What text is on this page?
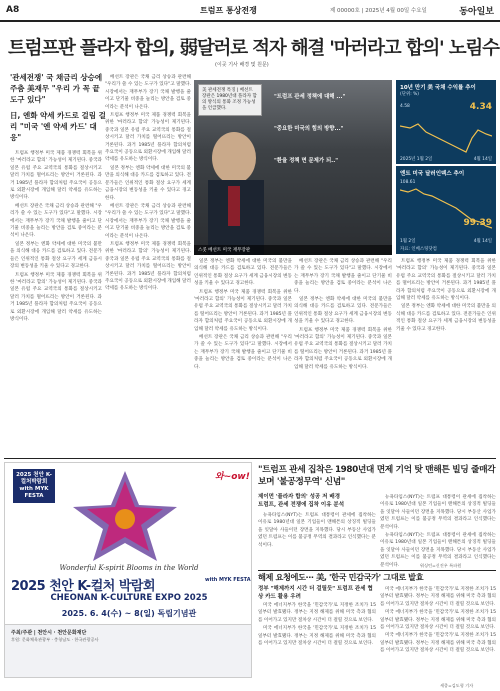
A8	트럼프 통상전쟁	제 00000호 | 2025년 4월 00일 수요일	동아일보
트럼프판 플라자 합의, 弱달러로 적자 해결 '마러라고 합의' 노림수
(이곳 기사 배경 및 원문)
'관세전쟁' 국 채금리 상승에 주춤 美재무 "우리 가 꼭 끝 도구 있다"
日, 엔화 약세 카드로 걸림 걸리 "미국 '엔 약세 카드' 대응"

트럼프 행정부 미국 제품 경쟁력 회복을 위한 '마러라고 합의' 가능성이 제기된다. 중국과 일본 유럽 주요 교역국의 통화를 절상시키고 달러 가치를 떨어뜨리는 방안이 거론된다. 과거 1985년 플라자 합의처럼 주요국이 공동으로 외환시장에 개입해 달러 약세를 유도하는 방식이다.

베선트 장관은 국채 금리 상승과 관련해 "우리가 쓸 수 있는 도구가 있다"고 말했다. 시장에서는 재무부가 장기 국채 발행을 줄이고 단기물 비중을 늘리는 방안을 검토 중이라는 분석이 나온다.

일본 정부는 엔화 약세에 대한 미국의 불만을 의식해 대응 카드를 검토하고 있다. 전문가들은 인위적인 통화 절상 요구가 세계 금융시장의 변동성을 키울 수 있다고 경고한다.

트럼프 행정부 미국 제품 경쟁력 회복을 위한 '마러라고 합의' 가능성이 제기된다. 중국과 일본 유럽 주요 교역국의 통화를 절상시키고 달러 가치를 떨어뜨리는 방안이 거론된다. 과거 1985년 플라자 합의처럼 주요국이 공동으로 외환시장에 개입해 달러 약세를 유도하는 방식이다.

베선트 장관은 국채 금리 상승과 관련해 "우리가 쓸 수 있는 도구가 있다"고 말했다. 시장에서는 재무부가 장기 국채 발행을 줄이고 단기물 비중을 늘리는 방안을 검토 중이라는 분석이 나온다.

트럼프 행정부 미국 제품 경쟁력 회복을 위한 '마러라고 합의' 가능성이 제기된다. 중국과 일본 유럽 주요 교역국의 통화를 절상시키고 달러 가치를 떨어뜨리는 방안이 거론된다. 과거 1985년 플라자 합의처럼 주요국이 공동으로 외환시장에 개입해 달러 약세를 유도하는 방식이다.

일본 정부는 엔화 약세에 대한 미국의 불만을 의식해 대응 카드를 검토하고 있다. 전문가들은 인위적인 통화 절상 요구가 세계 금융시장의 변동성을 키울 수 있다고 경고한다.

베선트 장관은 국채 금리 상승과 관련해 "우리가 쓸 수 있는 도구가 있다"고 말했다. 시장에서는 재무부가 장기 국채 발행을 줄이고 단기물 비중을 늘리는 방안을 검토 중이라는 분석이 나온다.

트럼프 행정부 미국 제품 경쟁력 회복을 위한 '마러라고 합의' 가능성이 제기된다. 중국과 일본 유럽 주요 교역국의 통화를 절상시키고 달러 가치를 떨어뜨리는 방안이 거론된다. 과거 1985년 플라자 합의처럼 주요국이 공동으로 외환시장에 개입해 달러 약세를 유도하는 방식이다.

美 관세전쟁 특징 | 베선트 장관은 1980년대 플라자 합의 방식의 통화 조정 가능성을 언급했다.
"트럼프 관세 정책에 대해 ..."
"중요한 미국의 힘의 방향..."
"환율 정책 면 문제가 되.."
스콧 베선트 미국 재무장관

일본 정부는 엔화 약세에 대한 미국의 불만을 의식해 대응 카드를 검토하고 있다. 전문가들은 인위적인 통화 절상 요구가 세계 금융시장의 변동성을 키울 수 있다고 경고한다.

트럼프 행정부 미국 제품 경쟁력 회복을 위한 '마러라고 합의' 가능성이 제기된다. 중국과 일본 유럽 주요 교역국의 통화를 절상시키고 달러 가치를 떨어뜨리는 방안이 거론된다. 과거 1985년 플라자 합의처럼 주요국이 공동으로 외환시장에 개입해 달러 약세를 유도하는 방식이다.

베선트 장관은 국채 금리 상승과 관련해 "우리가 쓸 수 있는 도구가 있다"고 말했다. 시장에서는 재무부가 장기 국채 발행을 줄이고 단기물 비중을 늘리는 방안을 검토 중이라는 분석이 나온다.

베선트 장관은 국채 금리 상승과 관련해 "우리가 쓸 수 있는 도구가 있다"고 말했다. 시장에서는 재무부가 장기 국채 발행을 줄이고 단기물 비중을 늘리는 방안을 검토 중이라는 분석이 나온다.

일본 정부는 엔화 약세에 대한 미국의 불만을 의식해 대응 카드를 검토하고 있다. 전문가들은 인위적인 통화 절상 요구가 세계 금융시장의 변동성을 키울 수 있다고 경고한다.

트럼프 행정부 미국 제품 경쟁력 회복을 위한 '마러라고 합의' 가능성이 제기된다. 중국과 일본 유럽 주요 교역국의 통화를 절상시키고 달러 가치를 떨어뜨리는 방안이 거론된다. 과거 1985년 플라자 합의처럼 주요국이 공동으로 외환시장에 개입해 달러 약세를 유도하는 방식이다.

트럼프 행정부 미국 제품 경쟁력 회복을 위한 '마러라고 합의' 가능성이 제기된다. 중국과 일본 유럽 주요 교역국의 통화를 절상시키고 달러 가치를 떨어뜨리는 방안이 거론된다. 과거 1985년 플라자 합의처럼 주요국이 공동으로 외환시장에 개입해 달러 약세를 유도하는 방식이다.

일본 정부는 엔화 약세에 대한 미국의 불만을 의식해 대응 카드를 검토하고 있다. 전문가들은 인위적인 통화 절상 요구가 세계 금융시장의 변동성을 키울 수 있다고 경고한다.

10년 만기 美 국채 수익률 추이
(단위: %)
4.34
4.58
2025년 1월 2일	4월 14일
엔트 미국 달러인덱스 추이
108.61
99.39
1월 2일	4월 14일
자료: 인베스팅닷컴
2025 천안 K-컬처박람회 with MYK FESTA
와~ow!
Wonderful K-spirit Blooms in the World
2025 천안 K-컬처 박람회	with MYK FESTA
CHEONAN K-CULTURE EXPO 2025
2025. 6. 4(수) ~ 8(일) 독립기념관
주최/주관 | 천안시 · 천안문화재단
후원: 문화체육관광부 · 충청남도 · 한국관광공사
"트럼프 관세 집착은 1980년대 면제 기억 탓 맨해튼 빌딩 줄매각 보며 '불공정무역' 신념"
제이먼 '플라자 합의' 성공 저 배경
트럼프, 관세 전쟁에 집착 이유 분석

뉴욕타임스(NYT)는 트럼프 대통령이 관세에 집착하는 이유로 1980년대 일본 기업들이 맨해튼의 상징적 빌딩들을 잇달아 사들이던 장면을 지목했다. 당시 부동산 사업가였던 트럼프는 이를 불공정 무역의 결과라고 인식했다는 분석이다.

뉴욕타임스(NYT)는 트럼프 대통령이 관세에 집착하는 이유로 1980년대 일본 기업들이 맨해튼의 상징적 빌딩들을 잇달아 사들이던 장면을 지목했다. 당시 부동산 사업가였던 트럼프는 이를 불공정 무역의 결과라고 인식했다는 분석이다.

뉴욕타임스(NYT)는 트럼프 대통령이 관세에 집착하는 이유로 1980년대 일본 기업들이 맨해튼의 상징적 빌딩들을 잇달아 사들이던 장면을 지목했다. 당시 부동산 사업가였던 트럼프는 이를 불공정 무역의 결과라고 인식했다는 분석이다.	워싱턴=신진우 특파원
해제 요청에도··· 美, '한국 민감국가' 그대로 발효
정부 "해제까지 시간 더 걸릴듯" 트럼프 관세 협상 카드 활용 우려

미국 에너지부가 한국을 '민감국가'로 지정한 조치가 15일부터 발효됐다. 정부는 지정 해제를 위해 미국 측과 협의를 이어가고 있지만 절차상 시간이 더 걸릴 것으로 보인다.

미국 에너지부가 한국을 '민감국가'로 지정한 조치가 15일부터 발효됐다. 정부는 지정 해제를 위해 미국 측과 협의를 이어가고 있지만 절차상 시간이 더 걸릴 것으로 보인다.

미국 에너지부가 한국을 '민감국가'로 지정한 조치가 15일부터 발효됐다. 정부는 지정 해제를 위해 미국 측과 협의를 이어가고 있지만 절차상 시간이 더 걸릴 것으로 보인다.

미국 에너지부가 한국을 '민감국가'로 지정한 조치가 15일부터 발효됐다. 정부는 지정 해제를 위해 미국 측과 협의를 이어가고 있지만 절차상 시간이 더 걸릴 것으로 보인다.

미국 에너지부가 한국을 '민감국가'로 지정한 조치가 15일부터 발효됐다. 정부는 지정 해제를 위해 미국 측과 협의를 이어가고 있지만 절차상 시간이 더 걸릴 것으로 보인다.

세종=김도형 기자
